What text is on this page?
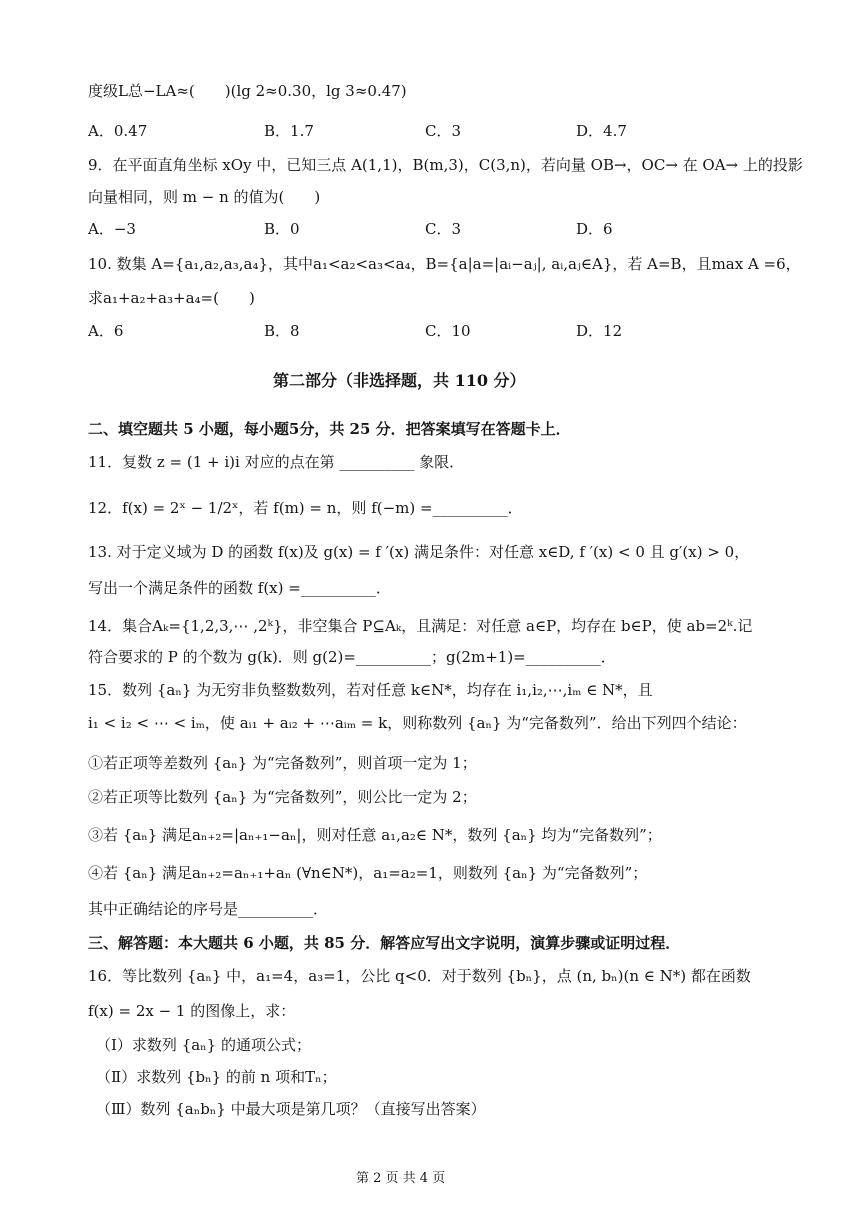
度级L总−LA≈(　　)(lg 2≈0.30，lg 3≈0.47)
A．0.47	B．1.7	C．3	D．4.7
9．在平面直角坐标 xOy 中，已知三点 A(1,1)，B(m,3)，C(3,n)，若向量 OB→，OC→ 在 OA→ 上的投影
向量相同，则 m − n 的值为(　　)
A．−3	B．0	C．3	D．6
10. 数集 A={a₁,a₂,a₃,a₄}，其中a₁<a₂<a₃<a₄，B={a|a=|aᵢ−aⱼ|, aᵢ,aⱼ∈A}，若 A=B，且max A =6，
求a₁+a₂+a₃+a₄=(　　)
A．6	B．8	C．10	D．12
第二部分（非选择题，共 110 分）
二、填空题共 5 小题，每小题5分，共 25 分．把答案填写在答题卡上．
11．复数 z = (1 + i)i 对应的点在第 __________ 象限．
12．f(x) = 2ˣ − 1/2ˣ，若 f(m) = n，则 f(−m) =__________．
13. 对于定义域为 D 的函数 f(x)及 g(x) = f ′(x) 满足条件：对任意 x∈D, f ′(x) < 0 且 g′(x) > 0，
写出一个满足条件的函数 f(x) =__________．
14．集合Aₖ={1,2,3,⋯ ,2ᵏ}，非空集合 P⊆Aₖ，且满足：对任意 a∈P，均存在 b∈P，使 ab=2ᵏ.记
符合要求的 P 的个数为 g(k)．则 g(2)=__________；g(2m+1)=__________．
15．数列 {aₙ} 为无穷非负整数数列，若对任意 k∈N*，均存在 i₁,i₂,⋯,iₘ ∈ N*，且
i₁ < i₂ < ⋯ < iₘ，使 aᵢ₁ + aᵢ₂ + ⋯aᵢₘ = k，则称数列 {aₙ} 为“完备数列”．给出下列四个结论：
①若正项等差数列 {aₙ} 为“完备数列”，则首项一定为 1；
②若正项等比数列 {aₙ} 为“完备数列”，则公比一定为 2；
③若 {aₙ} 满足aₙ₊₂=|aₙ₊₁−aₙ|，则对任意 a₁,a₂∈ N*，数列 {aₙ} 均为“完备数列”；
④若 {aₙ} 满足aₙ₊₂=aₙ₊₁+aₙ (∀n∈N*)，a₁=a₂=1，则数列 {aₙ} 为“完备数列”；
其中正确结论的序号是__________．
三、解答题：本大题共 6 小题，共 85 分．解答应写出文字说明，演算步骤或证明过程．
16．等比数列 {aₙ} 中，a₁=4，a₃=1，公比 q<0．对于数列 {bₙ}，点 (n, bₙ)(n ∈ N*) 都在函数
f(x) = 2x − 1 的图像上，求：
（Ⅰ）求数列 {aₙ} 的通项公式；
（Ⅱ）求数列 {bₙ} 的前 n 项和Tₙ；
（Ⅲ）数列 {aₙbₙ} 中最大项是第几项？（直接写出答案）
第 2 页 共 4 页
